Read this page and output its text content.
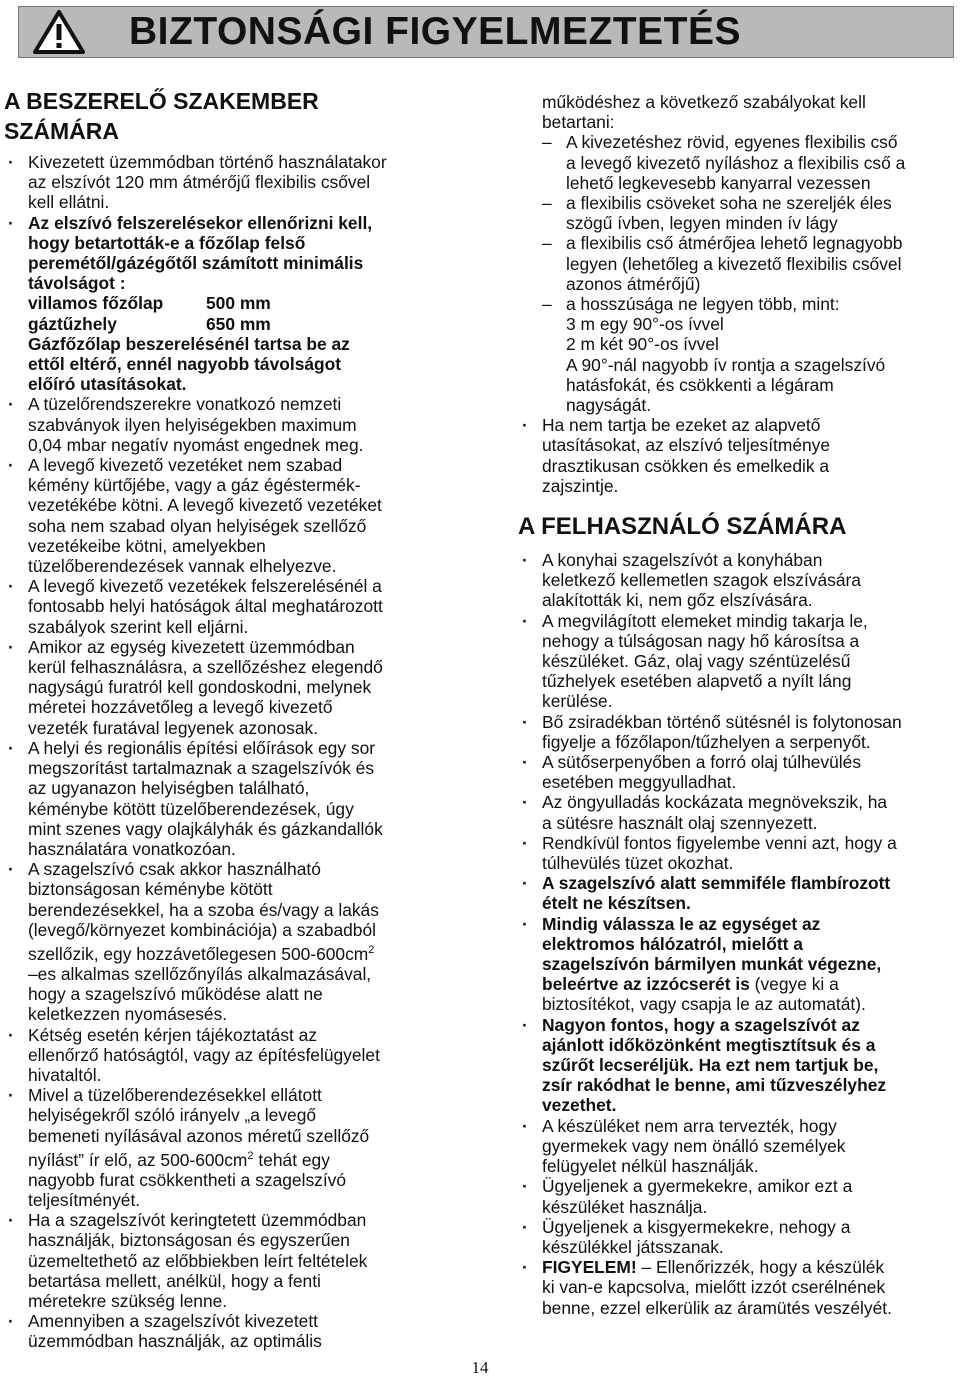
BIZTONSÁGI FIGYELMEZTETÉS
A BESZERELŐ SZAKEMBER
SZÁMÁRA
· Kivezetett üzemmódban történő használatakor
az elszívót 120 mm átmérőjű flexibilis csővel
kell ellátni.
· Az elszívó felszerelésekor ellenőrizni kell,
hogy betartották-e a főzőlap felső
peremétől/gázégőtől számított minimális
távolságot :
villamos főzőlap	500 mm
gáztűzhely	650 mm
Gázfőzőlap beszerelésénél tartsa be az
ettől eltérő, ennél nagyobb távolságot
előíró utasításokat.
· A tüzelőrendszerekre vonatkozó nemzeti
szabványok ilyen helyiségekben maximum
0,04 mbar negatív nyomást engednek meg.
· A levegő kivezető vezetéket nem szabad
kémény kürtőjébe, vagy a gáz égéstermék-
vezetékébe kötni. A levegő kivezető vezetéket
soha nem szabad olyan helyiségek szellőző
vezetékeibe kötni, amelyekben
tüzelőberendezések vannak elhelyezve.
· A levegő kivezető vezetékek felszerelésénél a
fontosabb helyi hatóságok által meghatározott
szabályok szerint kell eljárni.
· Amikor az egység kivezetett üzemmódban
kerül felhasználásra, a szellőzéshez elegendő
nagyságú furatról kell gondoskodni, melynek
méretei hozzávetőleg a levegő kivezető
vezeték furatával legyenek azonosak.
· A helyi és regionális építési előírások egy sor
megszorítást tartalmaznak a szagelszívók és
az ugyanazon helyiségben található,
kéménybe kötött tüzelőberendezések, úgy
mint szenes vagy olajkályhák és gázkandallók
használatára vonatkozóan.
· A szagelszívó csak akkor használható
biztonságosan kéménybe kötött
berendezésekkel, ha a szoba és/vagy a lakás
(levegő/környezet kombinációja) a szabadból
szellőzik, egy hozzávetőlegesen $500-600cm^2$
–es alkalmas szellőzőnyílás alkalmazásával,
hogy a szagelszívó működése alatt ne
keletkezzen nyomásesés.
· Kétség esetén kérjen tájékoztatást az
ellenőrző hatóságtól, vagy az építésfelügyelet
hivataltól.
· Mivel a tüzelőberendezésekkel ellátott
helyiségekről szóló irányelv „a levegő
bemeneti nyílásával azonos méretű szellőző
nyílást” ír elő, az $500-600cm^2$ tehát egy
nagyobb furat csökkentheti a szagelszívó
teljesítményét.
· Ha a szagelszívót keringtetett üzemmódban
használják, biztonságosan és egyszerűen
üzemeltethető az előbbiekben leírt feltételek
betartása mellett, anélkül, hogy a fenti
méretekre szükség lenne.
· Amennyiben a szagelszívót kivezetett
üzemmódban használják, az optimális
működéshez a következő szabályokat kell
betartani:
– A kivezetéshez rövid, egyenes flexibilis cső
a levegő kivezető nyíláshoz a flexibilis cső a
lehető legkevesebb kanyarral vezessen
– a flexibilis csöveket soha ne szereljék éles
szögű ívben, legyen minden ív lágy
– a flexibilis cső átmérőjea lehető legnagyobb
legyen (lehetőleg a kivezető flexibilis csővel
azonos átmérőjű)
– a hosszúsága ne legyen több, mint:
3 m egy 90°-os ívvel
2 m két 90°-os ívvel
A 90°-nál nagyobb ív rontja a szagelszívó
hatásfokát, és csökkenti a légáram
nagyságát.
· Ha nem tartja be ezeket az alapvető
utasításokat, az elszívó teljesítménye
drasztikusan csökken és emelkedik a
zajszintje.
A FELHASZNÁLÓ SZÁMÁRA
· A konyhai szagelszívót a konyhában
keletkező kellemetlen szagok elszívására
alakították ki, nem gőz elszívására.
· A megvilágított elemeket mindig takarja le,
nehogy a túlságosan nagy hő károsítsa a
készüléket. Gáz, olaj vagy széntüzelésű
tűzhelyek esetében alapvető a nyílt láng
kerülése.
· Bő zsiradékban történő sütésnél is folytonosan
figyelje a főzőlapon/tűzhelyen a serpenyőt.
· A sütőserpenyőben a forró olaj túlhevülés
esetében meggyulladhat.
· Az öngyulladás kockázata megnövekszik, ha
a sütésre használt olaj szennyezett.
· Rendkívül fontos figyelembe venni azt, hogy a
túlhevülés tüzet okozhat.
· A szagelszívó alatt semmiféle flambírozott
ételt ne készítsen.
· Mindig válassza le az egységet az
elektromos hálózatról, mielőtt a
szagelszívón bármilyen munkát végezne,
beleértve az izzócserét is (vegye ki a
biztosítékot, vagy csapja le az automatát).
· Nagyon fontos, hogy a szagelszívót az
ajánlott időközönként megtisztítsuk és a
szűrőt lecseréljük. Ha ezt nem tartjuk be,
zsír rakódhat le benne, ami tűzveszélyhez
vezethet.
· A készüléket nem arra tervezték, hogy
gyermekek vagy nem önálló személyek
felügyelet nélkül használják.
· Ügyeljenek a gyermekekre, amikor ezt a
készüléket használja.
· Ügyeljenek a kisgyermekekre, nehogy a
készülékkel játsszanak.
· FIGYELEM! – Ellenőrizzék, hogy a készülék
ki van-e kapcsolva, mielőtt izzót cserélnének
benne, ezzel elkerülik az áramütés veszélyét.
14
